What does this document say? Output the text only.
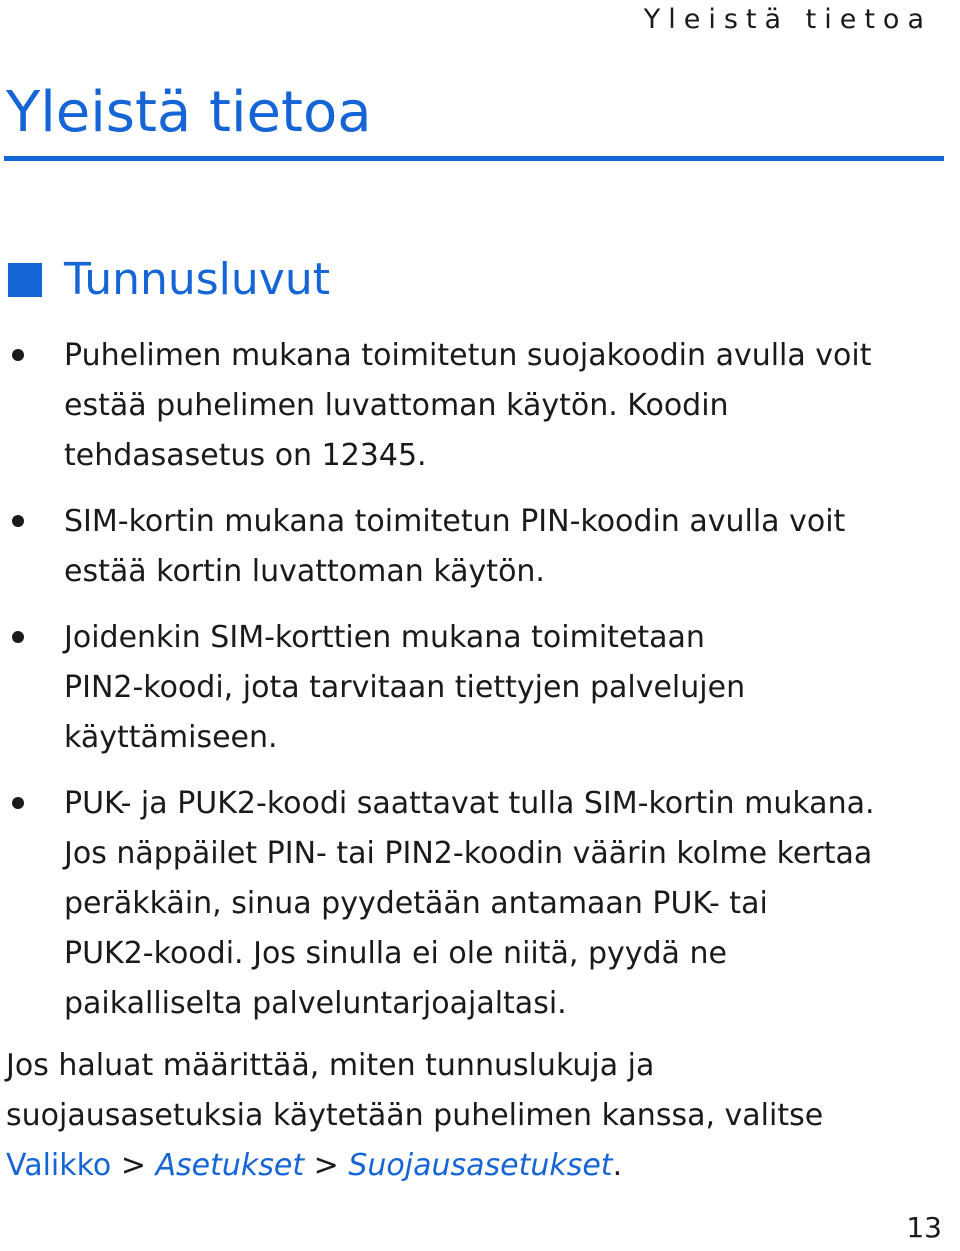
Yleistä tietoa
Yleistä tietoa
Tunnusluvut
Puhelimen mukana toimitetun suojakoodin avulla voit
estää puhelimen luvattoman käytön. Koodin
tehdasasetus on 12345.
SIM-kortin mukana toimitetun PIN-koodin avulla voit
estää kortin luvattoman käytön.
Joidenkin SIM-korttien mukana toimitetaan
PIN2-koodi, jota tarvitaan tiettyjen palvelujen
käyttämiseen.
PUK- ja PUK2-koodi saattavat tulla SIM-kortin mukana.
Jos näppäilet PIN- tai PIN2-koodin väärin kolme kertaa
peräkkäin, sinua pyydetään antamaan PUK- tai
PUK2-koodi. Jos sinulla ei ole niitä, pyydä ne
paikalliselta palveluntarjoajaltasi.

Jos haluat määrittää, miten tunnuslukuja ja
suojausasetuksia käytetään puhelimen kanssa, valitse
Valikko > Asetukset > Suojausasetukset.

13
